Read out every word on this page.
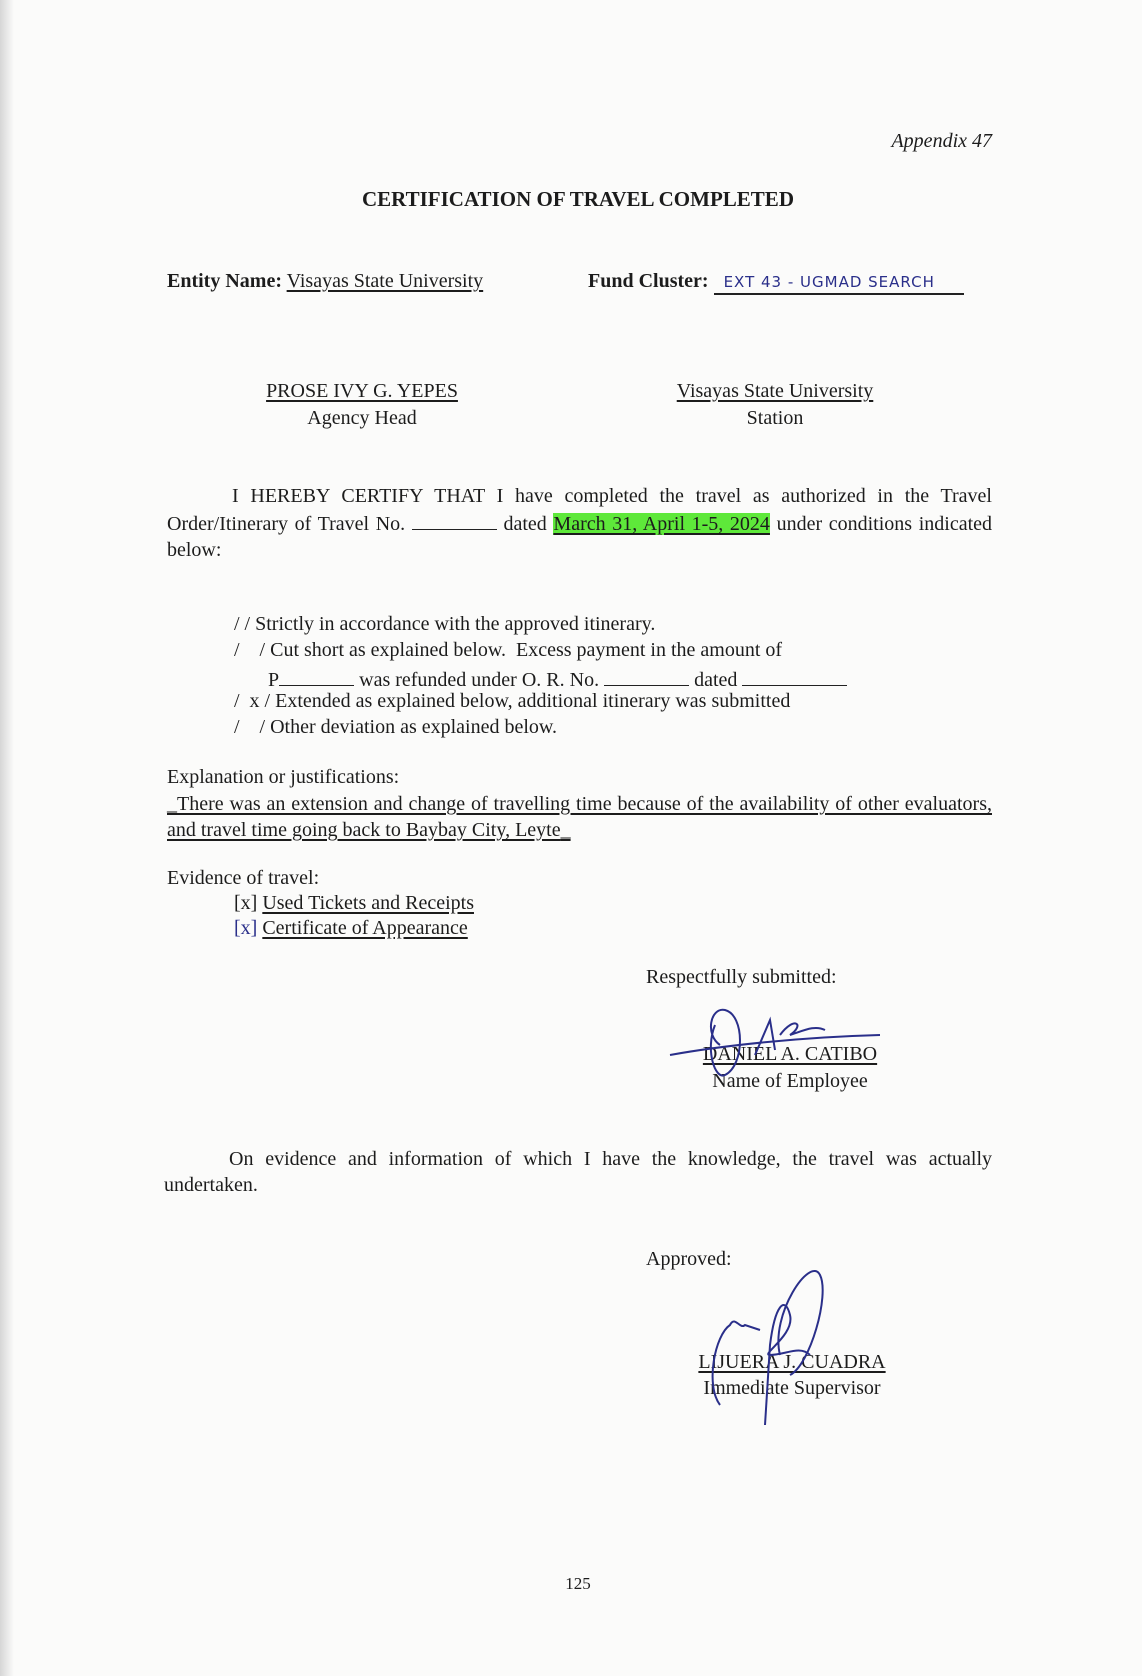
Appendix 47
CERTIFICATION OF TRAVEL COMPLETED
Entity Name: Visayas State University	Fund Cluster: EXT 43 - UGMAD SEARCH
PROSE IVY G. YEPES
Agency Head
Visayas State University
Station
I HEREBY CERTIFY THAT I have completed the travel as authorized in the Travel Order/Itinerary of Travel No.	dated March 31, April 1-5, 2024 under conditions indicated below:
/ / Strictly in accordance with the approved itinerary.
/    / Cut short as explained below.  Excess payment in the amount of
P	was refunded under O. R. No.	dated
/  x / Extended as explained below, additional itinerary was submitted
/    / Other deviation as explained below.
Explanation or justifications:
_There was an extension and change of travelling time because of the availability of other evaluators, and travel time going back to Baybay City, Leyte_
Evidence of travel:
[x] Used Tickets and Receipts
[x] Certificate of Appearance
Respectfully submitted:
DANIEL A. CATIBO
Name of Employee
On evidence and information of which I have the knowledge, the travel was actually undertaken.
Approved:
LIJUERA J. CUADRA
Immediate Supervisor
125
